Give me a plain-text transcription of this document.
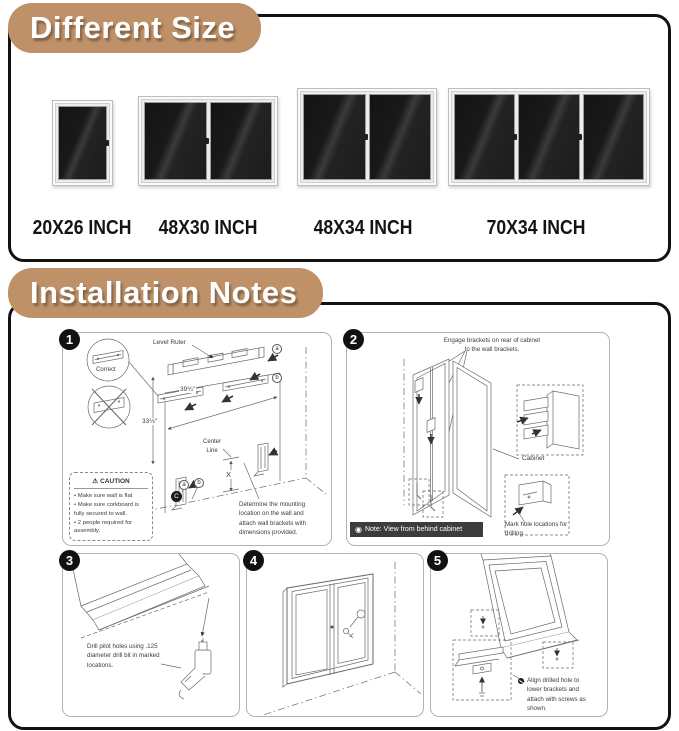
Different Size
20X26 INCH 48X30 INCH	48X34 INCH	70X34 INCH
Installation Notes
1	Level Ruler
a
b
Correct
39¾"
33⅛"
Center Line
X
a	b
C
⚠ CAUTION
• Make sure wall is flat
• Make sure corkboard is fully secured to wall.
• 2 people required for assembly.
Determine the mounting location on the wall and attach wall brackets with dimensions provided.
2	Engage brackets on rear of cabinet to the wall brackets.
Cabinet
Mark hole locations for drilling.
◉ Note: View from behind cabinet
3
Drill pilot holes using .125 diameter drill bit in marked locations.
4	5
Align drilled hole to lower brackets and attach with screws as shown.
